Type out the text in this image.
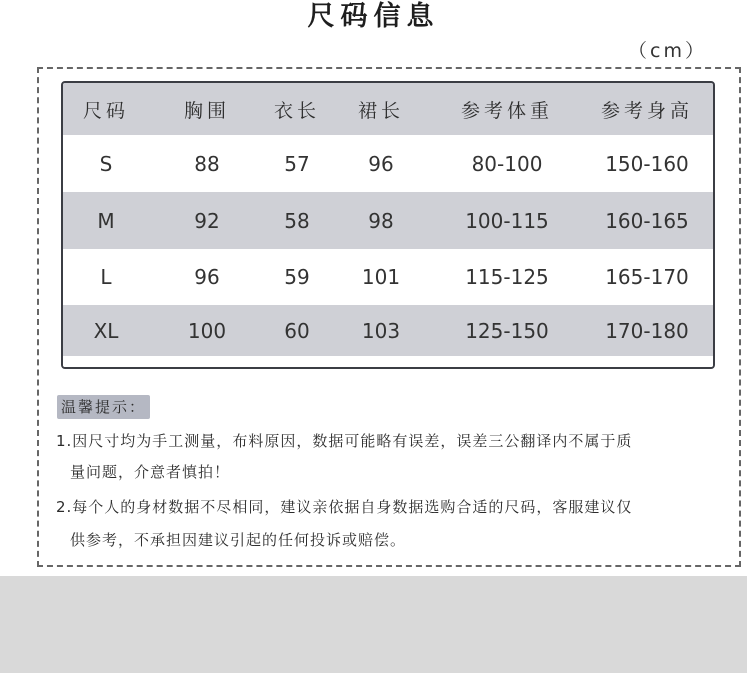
尺码信息
（cm）
尺码	胸围	衣长	裙长	参考体重	参考身高
S	88	57	96	80-100	150-160
M	92	58	98	100-115	160-165
L	96	59	101	115-125	165-170
XL	100	60	103	125-150	170-180
温馨提示：
1.因尺寸均为手工测量，布料原因，数据可能略有误差，误差三公翻译内不属于质
量问题，介意者慎拍！
2.每个人的身材数据不尽相同，建议亲依据自身数据选购合适的尺码，客服建议仅
供参考，不承担因建议引起的任何投诉或赔偿。
